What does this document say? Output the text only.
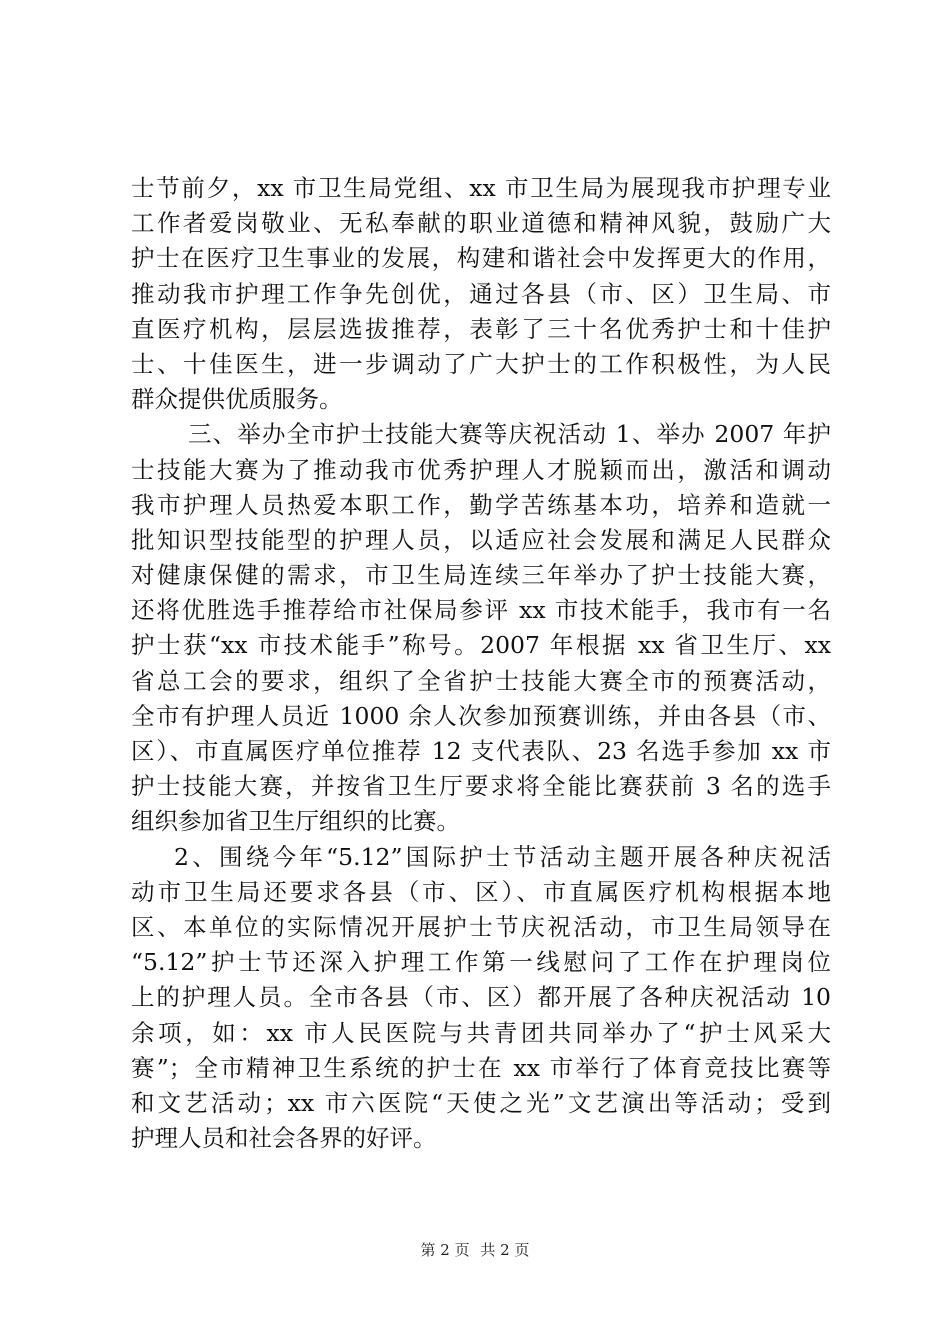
士节前夕，xx 市卫生局党组、xx 市卫生局为展现我市护理专业
工作者爱岗敬业、无私奉献的职业道德和精神风貌，鼓励广大
护士在医疗卫生事业的发展，构建和谐社会中发挥更大的作用，
推动我市护理工作争先创优，通过各县（市、区）卫生局、市
直医疗机构，层层选拔推荐，表彰了三十名优秀护士和十佳护
士、十佳医生，进一步调动了广大护士的工作积极性，为人民
群众提供优质服务。
三、举办全市护士技能大赛等庆祝活动 1、举办 2007 年护
士技能大赛为了推动我市优秀护理人才脱颖而出，激活和调动
我市护理人员热爱本职工作，勤学苦练基本功，培养和造就一
批知识型技能型的护理人员，以适应社会发展和满足人民群众
对健康保健的需求，市卫生局连续三年举办了护士技能大赛，
还将优胜选手推荐给市社保局参评 xx 市技术能手，我市有一名
护士获“xx 市技术能手”称号。2007 年根据 xx 省卫生厅、xx
省总工会的要求，组织了全省护士技能大赛全市的预赛活动，
全市有护理人员近 1000 余人次参加预赛训练，并由各县（市、
区）、市直属医疗单位推荐 12 支代表队、23 名选手参加 xx 市
护士技能大赛，并按省卫生厅要求将全能比赛获前 3 名的选手
组织参加省卫生厅组织的比赛。
2、围绕今年“5.12”国际护士节活动主题开展各种庆祝活
动市卫生局还要求各县（市、区）、市直属医疗机构根据本地
区、本单位的实际情况开展护士节庆祝活动，市卫生局领导在
“5.12”护士节还深入护理工作第一线慰问了工作在护理岗位
上的护理人员。全市各县（市、区）都开展了各种庆祝活动 10
余项，如：xx 市人民医院与共青团共同举办了“护士风采大
赛”；全市精神卫生系统的护士在 xx 市举行了体育竞技比赛等
和文艺活动；xx 市六医院“天使之光”文艺演出等活动；受到
护理人员和社会各界的好评。
第 2 页 共 2 页
